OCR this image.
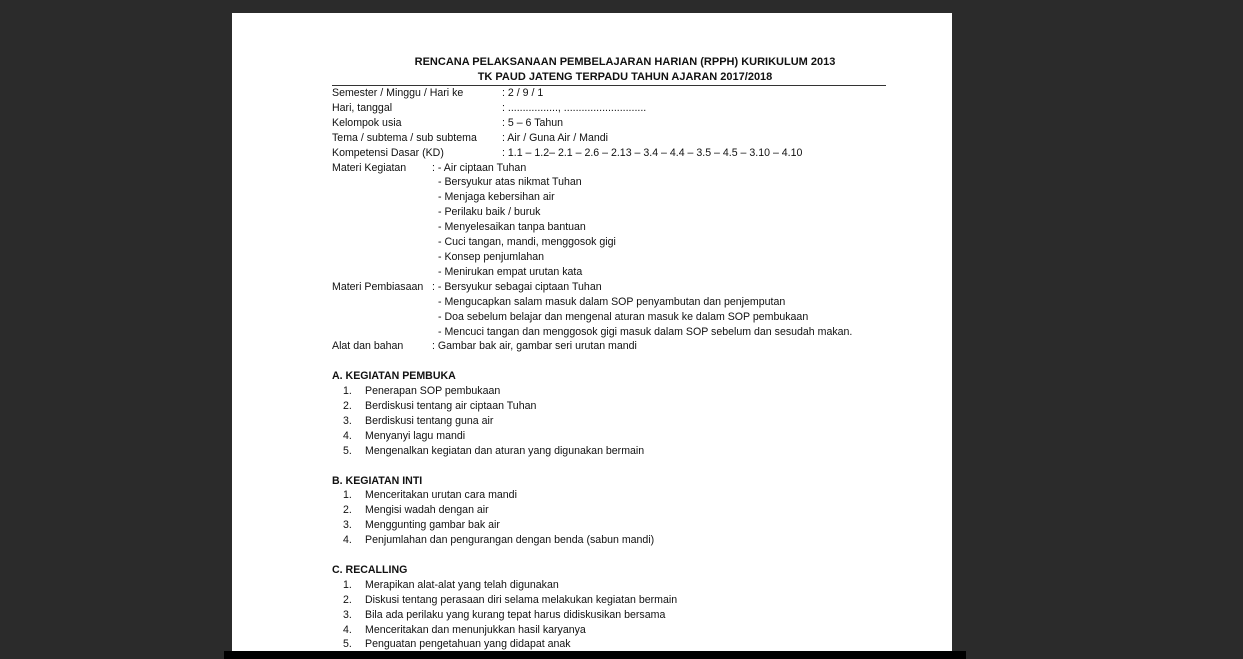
RENCANA PELAKSANAAN PEMBELAJARAN HARIAN (RPPH) KURIKULUM 2013
TK PAUD JATENG TERPADU TAHUN AJARAN 2017/2018
Semester / Minggu / Hari ke	: 2 / 9 / 1
Hari, tanggal	: ................., ............................
Kelompok usia	: 5 – 6 Tahun
Tema / subtema / sub subtema	: Air / Guna Air / Mandi
Kompetensi Dasar (KD)	: 1.1 – 1.2– 2.1 – 2.6 – 2.13 – 3.4 – 4.4 – 3.5 – 4.5 – 3.10 – 4.10
Materi Kegiatan	: - Air ciptaan Tuhan
- Bersyukur atas nikmat Tuhan
- Menjaga kebersihan air
- Perilaku baik / buruk
- Menyelesaikan tanpa bantuan
- Cuci tangan, mandi, menggosok gigi
- Konsep penjumlahan
- Menirukan empat urutan kata
Materi Pembiasaan : - Bersyukur sebagai ciptaan Tuhan
- Mengucapkan salam masuk dalam SOP penyambutan dan penjemputan
- Doa sebelum belajar dan mengenal aturan masuk ke dalam SOP pembukaan
- Mencuci tangan dan menggosok gigi masuk dalam SOP sebelum dan sesudah makan.
Alat dan bahan	: Gambar bak air, gambar seri urutan mandi
A. KEGIATAN PEMBUKA
1.	Penerapan SOP pembukaan
2.	Berdiskusi tentang air ciptaan Tuhan
3.	Berdiskusi tentang guna air
4.	Menyanyi lagu mandi
5.	Mengenalkan kegiatan dan aturan yang digunakan bermain
B. KEGIATAN INTI
1.	Menceritakan urutan cara mandi
2.	Mengisi wadah dengan air
3.	Menggunting gambar bak air
4.	Penjumlahan dan pengurangan dengan benda (sabun mandi)
C. RECALLING
1.	Merapikan alat-alat yang telah digunakan
2.	Diskusi tentang perasaan diri selama melakukan kegiatan bermain
3.	Bila ada perilaku yang kurang tepat harus didiskusikan bersama
4.	Menceritakan dan menunjukkan hasil karyanya
5.	Penguatan pengetahuan yang didapat anak
